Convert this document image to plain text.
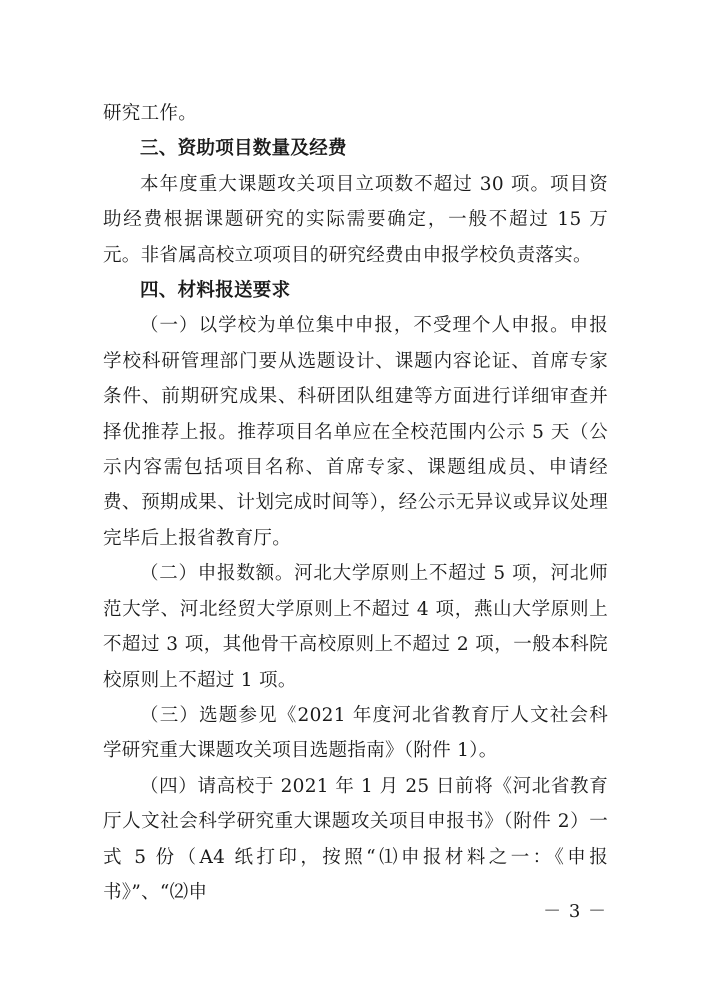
研究工作。

三、资助项目数量及经费

本年度重大课题攻关项目立项数不超过 30 项。项目资助经费根据课题研究的实际需要确定，一般不超过 15 万元。非省属高校立项项目的研究经费由申报学校负责落实。

四、材料报送要求

（一）以学校为单位集中申报，不受理个人申报。申报学校科研管理部门要从选题设计、课题内容论证、首席专家条件、前期研究成果、科研团队组建等方面进行详细审查并择优推荐上报。推荐项目名单应在全校范围内公示 5 天（公示内容需包括项目名称、首席专家、课题组成员、申请经费、预期成果、计划完成时间等），经公示无异议或异议处理完毕后上报省教育厅。

（二）申报数额。河北大学原则上不超过 5 项，河北师范大学、河北经贸大学原则上不超过 4 项，燕山大学原则上不超过 3 项，其他骨干高校原则上不超过 2 项，一般本科院校原则上不超过 1 项。

（三）选题参见《2021 年度河北省教育厅人文社会科学研究重大课题攻关项目选题指南》（附件 1）。

（四）请高校于 2021 年 1 月 25 日前将《河北省教育厅人文社会科学研究重大课题攻关项目申报书》（附件 2）一式 5 份（A4 纸打印，按照“⑴申报材料之一：《申报书》”、“⑵申

－ 3 －
